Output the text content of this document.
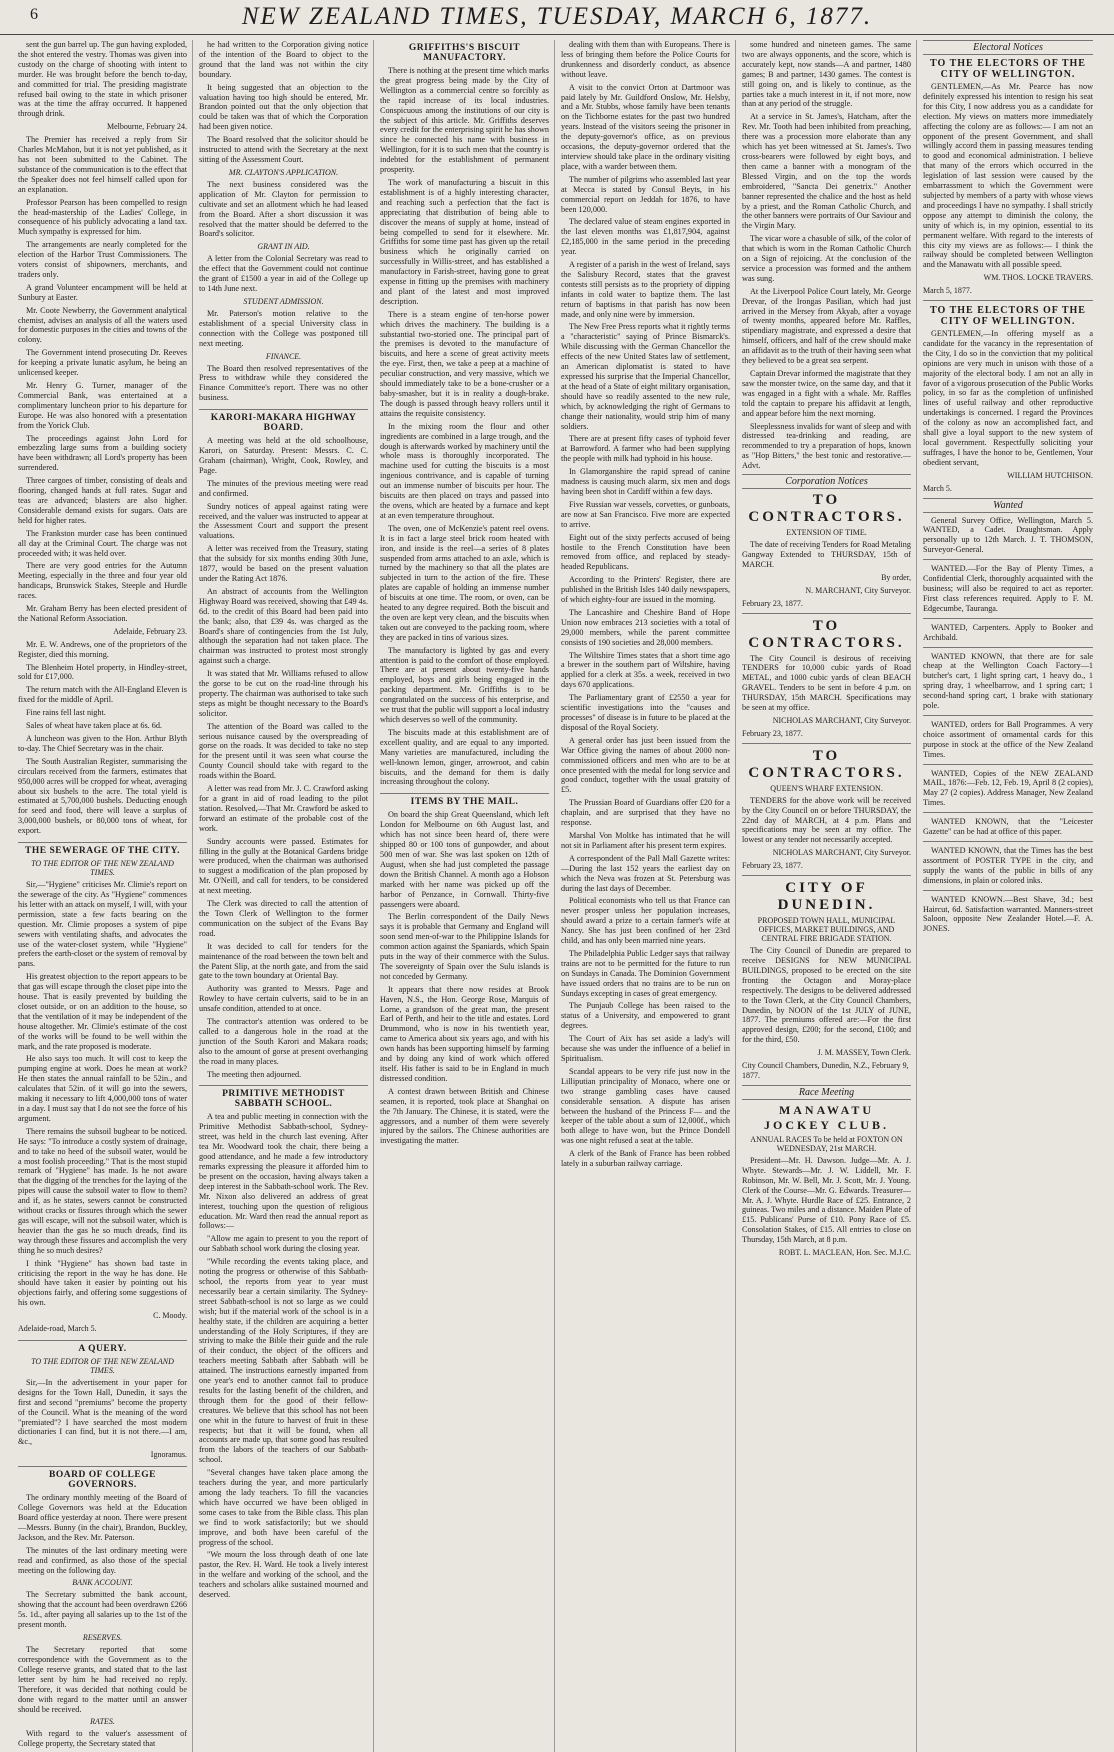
6	NEW ZEALAND TIMES, TUESDAY, MARCH 6, 1877.

sent the gun barrel up. The gun having exploded, the shot entered the vestry. Thomas was given into custody on the charge of shooting with intent to murder. He was brought before the bench to-day, and committed for trial. The presiding magistrate refused bail owing to the state in which prisoner was at the time the affray occurred. It happened through drink.

Melbourne, February 24.

The Premier has received a reply from Sir Charles McMahon, but it is not yet published, as it has not been submitted to the Cabinet. The substance of the communication is to the effect that the Speaker does not feel himself called upon for an explanation.

Professor Pearson has been compelled to resign the head-mastership of the Ladies' College, in consequence of his publicly advocating a land tax. Much sympathy is expressed for him.

The arrangements are nearly completed for the election of the Harbor Trust Commissioners. The voters consist of shipowners, merchants, and traders only.

A grand Volunteer encampment will be held at Sunbury at Easter.

Mr. Coote Newberry, the Government analytical chemist, advises an analysis of all the waters used for domestic purposes in the cities and towns of the colony.

The Government intend prosecuting Dr. Reeves for keeping a private lunatic asylum, he being an unlicensed keeper.

Mr. Henry G. Turner, manager of the Commercial Bank, was entertained at a complimentary luncheon prior to his departure for Europe. He was also honored with a presentation from the Yorick Club.

The proceedings against John Lord for embezzling large sums from a building society have been withdrawn; all Lord's property has been surrendered.

Three cargoes of timber, consisting of deals and flooring, changed hands at full rates. Sugar and teas are advanced; blasters are also higher. Considerable demand exists for sugars. Oats are held for higher rates.

The Frankston murder case has been continued all day at the Criminal Court. The charge was not proceeded with; it was held over.

There are very good entries for the Autumn Meeting, especially in the three and four year old handicaps, Brunswick Stakes, Steeple and Hurdle races.

Mr. Graham Berry has been elected president of the National Reform Association.

Adelaide, February 23.

Mr. E. W. Andrews, one of the proprietors of the Register, died this morning.

The Blenheim Hotel property, in Hindley-street, sold for £17,000.

The return match with the All-England Eleven is fixed for the middle of April.

Fine rains fell last night.

Sales of wheat have taken place at 6s. 6d.

A luncheon was given to the Hon. Arthur Blyth to-day. The Chief Secretary was in the chair.

The South Australian Register, summarising the circulars received from the farmers, estimates that 950,000 acres will be cropped for wheat, averaging about six bushels to the acre. The total yield is estimated at 5,700,000 bushels. Deducting enough for seed and food, there will leave a surplus of 3,000,000 bushels, or 80,000 tons of wheat, for export.

THE SEWERAGE OF THE CITY.
TO THE EDITOR OF THE NEW ZEALAND TIMES.

Sir,—"Hygiene" criticises Mr. Climie's report on the sewerage of the city. As "Hygiene" commences his letter with an attack on myself, I will, with your permission, state a few facts bearing on the question. Mr. Climie proposes a system of pipe sewers with ventilating shafts, and advocates the use of the water-closet system, while "Hygiene" prefers the earth-closet or the system of removal by pans.

His greatest objection to the report appears to be that gas will escape through the closet pipe into the house. That is easily prevented by building the closet outside, or on an addition to the house, so that the ventilation of it may be independent of the house altogether. Mr. Climie's estimate of the cost of the works will be found to be well within the mark, and the rate proposed is moderate.

He also says too much. It will cost to keep the pumping engine at work. Does he mean at work? He then states the annual rainfall to be 52in., and calculates that 52in. of it will go into the sewers, making it necessary to lift 4,000,000 tons of water in a day. I must say that I do not see the force of his argument.

There remains the subsoil bugbear to be noticed. He says: "To introduce a costly system of drainage, and to take no heed of the subsoil water, would be a most foolish proceeding." That is the most stupid remark of "Hygiene" has made. Is he not aware that the digging of the trenches for the laying of the pipes will cause the subsoil water to flow to them? and if, as he states, sewers cannot be constructed without cracks or fissures through which the sewer gas will escape, will not the subsoil water, which is heavier than the gas he so much dreads, find its way through these fissures and accomplish the very thing he so much desires?

I think "Hygiene" has shown bad taste in criticising the report in the way he has done. He should have taken it easier by pointing out his objections fairly, and offering some suggestions of his own.

C. Moody.

Adelaide-road, March 5.

A QUERY.
TO THE EDITOR OF THE NEW ZEALAND TIMES.

Sir,—In the advertisement in your paper for designs for the Town Hall, Dunedin, it says the first and second "premiums" become the property of the Council. What is the meaning of the word "premiated"? I have searched the most modern dictionaries I can find, but it is not there.—I am, &c.,

Ignoramus.

BOARD OF COLLEGE GOVERNORS.

The ordinary monthly meeting of the Board of College Governors was held at the Education Board office yesterday at noon. There were present—Messrs. Bunny (in the chair), Brandon, Buckley, Jackson, and the Rev. Mr. Paterson.

The minutes of the last ordinary meeting were read and confirmed, as also those of the special meeting on the following day.

BANK ACCOUNT.

The Secretary submitted the bank account, showing that the account had been overdrawn £266 5s. 1d., after paying all salaries up to the 1st of the present month.

RESERVES.

The Secretary reported that some correspondence with the Government as to the College reserve grants, and stated that to the last letter sent by him he had received no reply. Therefore, it was decided that nothing could be done with regard to the matter until an answer should be received.

RATES.

With regard to the valuer's assessment of College property, the Secretary stated that

he had written to the Corporation giving notice of the intention of the Board to object to the ground that the land was not within the city boundary.

It being suggested that an objection to the valuation having too high should be entered, Mr. Brandon pointed out that the only objection that could be taken was that of which the Corporation had been given notice.

The Board resolved that the solicitor should be instructed to attend with the Secretary at the next sitting of the Assessment Court.

MR. CLAYTON'S APPLICATION.

The next business considered was the application of Mr. Clayton for permission to cultivate and set an allotment which he had leased from the Board. After a short discussion it was resolved that the matter should be deferred to the Board's solicitor.

GRANT IN AID.

A letter from the Colonial Secretary was read to the effect that the Government could not continue the grant of £1500 a year in aid of the College up to 14th June next.

STUDENT ADMISSION.

Mr. Paterson's motion relative to the establishment of a special University class in connection with the College was postponed till next meeting.

FINANCE.

The Board then resolved representatives of the Press to withdraw while they considered the Finance Committee's report. There was no other business.

KARORI-MAKARA HIGHWAY BOARD.

A meeting was held at the old schoolhouse, Karori, on Saturday. Present: Messrs. C. C. Graham (chairman), Wright, Cook, Rowley, and Page.

The minutes of the previous meeting were read and confirmed.

Sundry notices of appeal against rating were received, and the valuer was instructed to appear at the Assessment Court and support the present valuations.

A letter was received from the Treasury, stating that the subsidy for six months ending 30th June, 1877, would be based on the present valuation under the Rating Act 1876.

An abstract of accounts from the Wellington Highway Board was received, showing that £49 4s. 6d. to the credit of this Board had been paid into the bank; also, that £39 4s. was charged as the Board's share of contingencies from the 1st July, although the separation had not taken place. The chairman was instructed to protest most strongly against such a charge.

It was stated that Mr. Williams refused to allow the gorse to be cut on the road-line through his property. The chairman was authorised to take such steps as might be thought necessary to the Board's solicitor.

The attention of the Board was called to the serious nuisance caused by the overspreading of gorse on the roads. It was decided to take no step for the present until it was seen what course the County Council should take with regard to the roads within the Board.

A letter was read from Mr. J. C. Crawford asking for a grant in aid of road leading to the pilot station. Resolved,—That Mr. Crawford be asked to forward an estimate of the probable cost of the work.

Sundry accounts were passed. Estimates for filling in the gully at the Botanical Gardens bridge were produced, when the chairman was authorised to suggest a modification of the plan proposed by Mr. O'Neill, and call for tenders, to be considered at next meeting.

The Clerk was directed to call the attention of the Town Clerk of Wellington to the former communication on the subject of the Evans Bay road.

It was decided to call for tenders for the maintenance of the road between the town belt and the Patent Slip, at the north gate, and from the said gate to the town boundary at Oriental Bay.

Authority was granted to Messrs. Page and Rowley to have certain culverts, said to be in an unsafe condition, attended to at once.

The contractor's attention was ordered to be called to a dangerous hole in the road at the junction of the South Karori and Makara roads; also to the amount of gorse at present overhanging the road in many places.

The meeting then adjourned.

PRIMITIVE METHODIST SABBATH SCHOOL.

A tea and public meeting in connection with the Primitive Methodist Sabbath-school, Sydney-street, was held in the church last evening. After tea Mr. Woodward took the chair, there being a good attendance, and he made a few introductory remarks expressing the pleasure it afforded him to be present on the occasion, having always taken a deep interest in the Sabbath-school work. The Rev. Mr. Nixon also delivered an address of great interest, touching upon the question of religious education. Mr. Ward then read the annual report as follows:—

"Allow me again to present to you the report of our Sabbath school work during the closing year.

"While recording the events taking place, and noting the progress or otherwise of this Sabbath-school, the reports from year to year must necessarily bear a certain similarity. The Sydney-street Sabbath-school is not so large as we could wish; but if the material work of the school is in a healthy state, if the children are acquiring a better understanding of the Holy Scriptures, if they are striving to make the Bible their guide and the rule of their conduct, the object of the officers and teachers meeting Sabbath after Sabbath will be attained. The instructions earnestly imparted from one year's end to another cannot fail to produce results for the lasting benefit of the children, and through them for the good of their fellow-creatures. We believe that this school has not been one whit in the future to harvest of fruit in these respects; but that it will be found, when all accounts are made up, that some good has resulted from the labors of the teachers of our Sabbath-school.

"Several changes have taken place among the teachers during the year, and more particularly among the lady teachers. To fill the vacancies which have occurred we have been obliged in some cases to take from the Bible class. This plan we find to work satisfactorily; but we should improve, and both have been careful of the progress of the school.

"We mourn the loss through death of one late pastor, the Rev. H. Ward. He took a lively interest in the welfare and working of the school, and the teachers and scholars alike sustained mourned and deserved.

GRIFFITHS'S BISCUIT MANUFACTORY.

There is nothing at the present time which marks the great progress being made by the City of Wellington as a commercial centre so forcibly as the rapid increase of its local industries. Conspicuous among the institutions of our city is the subject of this article. Mr. Griffiths deserves every credit for the enterprising spirit he has shown since he connected his name with business in Wellington, for it is to such men that the country is indebted for the establishment of permanent prosperity.

The work of manufacturing a biscuit in this establishment is of a highly interesting character, and reaching such a perfection that the fact is appreciating that distribution of being able to discover the means of supply at home, instead of being compelled to send for it elsewhere. Mr. Griffiths for some time past has given up the retail business which he originally carried on successfully in Willis-street, and has established a manufactory in Farish-street, having gone to great expense in fitting up the premises with machinery and plant of the latest and most improved description.

There is a steam engine of ten-horse power which drives the machinery. The building is a substantial two-storied one. The principal part of the premises is devoted to the manufacture of biscuits, and here a scene of great activity meets the eye. First, then, we take a peep at a machine of peculiar construction, and very massive, which we should immediately take to be a bone-crusher or a baby-smasher, but it is in reality a dough-brake. The dough is passed through heavy rollers until it attains the requisite consistency.

In the mixing room the flour and other ingredients are combined in a large trough, and the dough is afterwards worked by machinery until the whole mass is thoroughly incorporated. The machine used for cutting the biscuits is a most ingenious contrivance, and is capable of turning out an immense number of biscuits per hour. The biscuits are then placed on trays and passed into the ovens, which are heated by a furnace and kept at an even temperature throughout.

The oven, one of McKenzie's patent reel ovens. It is in fact a large steel brick room heated with iron, and inside is the reel—a series of 8 plates suspended from arms attached to an axle, which is turned by the machinery so that all the plates are subjected in turn to the action of the fire. These plates are capable of holding an immense number of biscuits at one time. The room, or oven, can be heated to any degree required. Both the biscuit and the oven are kept very clean, and the biscuits when taken out are conveyed to the packing room, where they are packed in tins of various sizes.

The manufactory is lighted by gas and every attention is paid to the comfort of those employed. There are at present about twenty-five hands employed, boys and girls being engaged in the packing department. Mr. Griffiths is to be congratulated on the success of his enterprise, and we trust that the public will support a local industry which deserves so well of the community.

The biscuits made at this establishment are of excellent quality, and are equal to any imported. Many varieties are manufactured, including the well-known lemon, ginger, arrowroot, and cabin biscuits, and the demand for them is daily increasing throughout the colony.

ITEMS BY THE MAIL.

On board the ship Great Queensland, which left London for Melbourne on 6th August last, and which has not since been heard of, there were shipped 80 or 100 tons of gunpowder, and about 500 men of war. She was last spoken on 12th of August, when she had just completed the passage down the British Channel. A month ago a Hobson marked with her name was picked up off the harbor of Penzance, in Cornwall. Thirty-five passengers were aboard.

The Berlin correspondent of the Daily News says it is probable that Germany and England will soon send men-of-war to the Philippine Islands for common action against the Spaniards, which Spain puts in the way of their commerce with the Sulus. The sovereignty of Spain over the Sulu islands is not conceded by Germany.

It appears that there now resides at Brook Haven, N.S., the Hon. George Rose, Marquis of Lorne, a grandson of the great man, the present Earl of Perth, and heir to the title and estates. Lord Drummond, who is now in his twentieth year, came to America about six years ago, and with his own hands has been supporting himself by farming and by doing any kind of work which offered itself. His father is said to be in England in much distressed condition.

A contest drawn between British and Chinese seamen, it is reported, took place at Shanghai on the 7th January. The Chinese, it is stated, were the aggressors, and a number of them were severely injured by the sailors. The Chinese authorities are investigating the matter.

dealing with them than with Europeans. There is less of bringing them before the Police Courts for drunkenness and disorderly conduct, as absence without leave.

A visit to the convict Orton at Dartmoor was paid lately by Mr. Guildford Onslow, Mr. Helsby, and a Mr. Stubbs, whose family have been tenants on the Tichborne estates for the past two hundred years. Instead of the visitors seeing the prisoner in the deputy-governor's office, as on previous occasions, the deputy-governor ordered that the interview should take place in the ordinary visiting place, with a warder between them.

The number of pilgrims who assembled last year at Mecca is stated by Consul Beyts, in his commercial report on Jeddah for 1876, to have been 120,000.

The declared value of steam engines exported in the last eleven months was £1,817,904, against £2,185,000 in the same period in the preceding year.

A register of a parish in the west of Ireland, says the Salisbury Record, states that the gravest contests still persists as to the propriety of dipping infants in cold water to baptize them. The last return of baptisms in that parish has now been made, and only nine were by immersion.

The New Free Press reports what it rightly terms a "characteristic" saying of Prince Bismarck's. While discussing with the German Chancellor the effects of the new United States law of settlement, an American diplomatist is stated to have expressed his surprise that the Imperial Chancellor, at the head of a State of eight military organisation, should have so readily assented to the new rule, which, by acknowledging the right of Germans to change their nationality, would strip him of many soldiers.

There are at present fifty cases of typhoid fever at Barrowford. A farmer who had been supplying the people with milk had typhoid in his house.

In Glamorganshire the rapid spread of canine madness is causing much alarm, six men and dogs having been shot in Cardiff within a few days.

Five Russian war vessels, corvettes, or gunboats, are now at San Francisco. Five more are expected to arrive.

Eight out of the sixty perfects accused of being hostile to the French Constitution have been removed from office, and replaced by steady-headed Republicans.

According to the Printers' Register, there are published in the British Isles 140 daily newspapers, of which eighty-four are issued in the morning.

The Lancashire and Cheshire Band of Hope Union now embraces 213 societies with a total of 29,000 members, while the parent committee consists of 190 societies and 28,000 members.

The Wiltshire Times states that a short time ago a brewer in the southern part of Wiltshire, having applied for a clerk at 35s. a week, received in two days 670 applications.

The Parliamentary grant of £2550 a year for scientific investigations into the "causes and processes" of disease is in future to be placed at the disposal of the Royal Society.

A general order has just been issued from the War Office giving the names of about 2000 non-commissioned officers and men who are to be at once presented with the medal for long service and good conduct, together with the usual gratuity of £5.

The Prussian Board of Guardians offer £20 for a chaplain, and are surprised that they have no response.

Marshal Von Moltke has intimated that he will not sit in Parliament after his present term expires.

A correspondent of the Pall Mall Gazette writes:—During the last 152 years the earliest day on which the Neva was frozen at St. Petersburg was during the last days of December.

Political economists who tell us that France can never prosper unless her population increases, should award a prize to a certain farmer's wife at Nancy. She has just been confined of her 23rd child, and has only been married nine years.

The Philadelphia Public Ledger says that railway trains are not to be permitted for the future to run on Sundays in Canada. The Dominion Government have issued orders that no trains are to be run on Sundays excepting in cases of great emergency.

The Punjaub College has been raised to the status of a University, and empowered to grant degrees.

The Court of Aix has set aside a lady's will because she was under the influence of a belief in Spiritualism.

Scandal appears to be very rife just now in the Lilliputian principality of Monaco, where one or two strange gambling cases have caused considerable sensation. A dispute has arisen between the husband of the Princess F— and the keeper of the table about a sum of 12,000f., which both allege to have won, but the Prince Dondell was one night refused a seat at the table.

A clerk of the Bank of France has been robbed lately in a suburban railway carriage.

some hundred and nineteen games. The same two are always opponents, and the score, which is accurately kept, now stands—A and partner, 1480 games; B and partner, 1430 games. The contest is still going on, and is likely to continue, as the parties take a much interest in it, if not more, now than at any period of the struggle.

At a service in St. James's, Hatcham, after the Rev. Mr. Tooth had been inhibited from preaching, there was a procession more elaborate than any which has yet been witnessed at St. James's. Two cross-bearers were followed by eight boys, and then came a banner with a monogram of the Blessed Virgin, and on the top the words embroidered, "Sancta Dei genetrix." Another banner represented the chalice and the host as held by a priest, and the Roman Catholic Church, and the other banners were portraits of Our Saviour and the Virgin Mary.

The vicar wore a chasuble of silk, of the color of that which is worn in the Roman Catholic Church on a Sign of rejoicing. At the conclusion of the service a procession was formed and the anthem was sung.

At the Liverpool Police Court lately, Mr. George Drevar, of the Irongas Pasilian, which had just arrived in the Mersey from Akyab, after a voyage of twenty months, appeared before Mr. Raffles, stipendiary magistrate, and expressed a desire that himself, officers, and half of the crew should make an affidavit as to the truth of their having seen what they believed to be a great sea serpent.

Captain Drevar informed the magistrate that they saw the monster twice, on the same day, and that it was engaged in a fight with a whale. Mr. Raffles told the captain to prepare his affidavit at length, and appear before him the next morning.

Sleeplessness invalids for want of sleep and with distressed tea-drinking and reading, are recommended to try a preparation of hops, known as "Hop Bitters," the best tonic and restorative.—Advt.

Corporation Notices
TO CONTRACTORS.
EXTENSION OF TIME.

The date of receiving Tenders for Road Metaling Gangway Extended to THURSDAY, 15th of MARCH.

By order,

N. MARCHANT, City Surveyor.

February 23, 1877.

TO CONTRACTORS.

The City Council is desirous of receiving TENDERS for 10,000 cubic yards of Road METAL, and 1000 cubic yards of clean BEACH GRAVEL. Tenders to be sent in before 4 p.m. on THURSDAY, 15th MARCH. Specifications may be seen at my office.

NICHOLAS MARCHANT, City Surveyor.

February 23, 1877.

TO CONTRACTORS.
QUEEN'S WHARF EXTENSION.

TENDERS for the above work will be received by the City Council on or before THURSDAY, the 22nd day of MARCH, at 4 p.m. Plans and specifications may be seen at my office. The lowest or any tender not necessarily accepted.

NICHOLAS MARCHANT, City Surveyor.

February 23, 1877.

CITY OF DUNEDIN.
PROPOSED TOWN HALL, MUNICIPAL OFFICES, MARKET BUILDINGS, AND CENTRAL FIRE BRIGADE STATION.

The City Council of Dunedin are prepared to receive DESIGNS for NEW MUNICIPAL BUILDINGS, proposed to be erected on the site fronting the Octagon and Moray-place respectively. The designs to be delivered addressed to the Town Clerk, at the City Council Chambers, Dunedin, by NOON of the 1st JULY of JUNE, 1877. The premiums offered are:—For the first approved design, £200; for the second, £100; and for the third, £50.

J. M. MASSEY, Town Clerk.

City Council Chambers, Dunedin, N.Z., February 9, 1877.

Race Meeting
MANAWATU JOCKEY CLUB.
ANNUAL RACES To be held at FOXTON ON WEDNESDAY, 21st MARCH.

President—Mr. H. Dawson. Judge—Mr. A. J. Whyte. Stewards—Mr. J. W. Liddell, Mr. F. Robinson, Mr. W. Bell, Mr. J. Scott, Mr. J. Young. Clerk of the Course—Mr. G. Edwards. Treasurer—Mr. A. J. Whyte. Hurdle Race of £25. Entrance, 2 guineas. Two miles and a distance. Maiden Plate of £15. Publicans' Purse of £10. Pony Race of £5. Consolation Stakes, of £15. All entries to close on Thursday, 15th March, at 8 p.m.

ROBT. L. MACLEAN, Hon. Sec. M.J.C.

Electoral Notices
TO THE ELECTORS OF THE CITY OF WELLINGTON.

GENTLEMEN,—As Mr. Pearce has now definitely expressed his intention to resign his seat for this City, I now address you as a candidate for election. My views on matters more immediately affecting the colony are as follows:— I am not an opponent of the present Government, and shall willingly accord them in passing measures tending to good and economical administration. I believe that many of the errors which occurred in the legislation of last session were caused by the embarrassment to which the Government were subjected by members of a party with whose views and proceedings I have no sympathy. I shall strictly oppose any attempt to diminish the colony, the unity of which is, in my opinion, essential to its permanent welfare. With regard to the interests of this city my views are as follows:— I think the railway should be completed between Wellington and the Manawatu with all possible speed.

WM. THOS. LOCKE TRAVERS.

March 5, 1877.

TO THE ELECTORS OF THE CITY OF WELLINGTON.

GENTLEMEN,—In offering myself as a candidate for the vacancy in the representation of the City, I do so in the conviction that my political opinions are very much in unison with those of a majority of the electoral body. I am not an ally in favor of a vigorous prosecution of the Public Works policy, in so far as the completion of unfinished lines of useful railway and other reproductive undertakings is concerned. I regard the Provinces of the colony as now an accomplished fact, and shall give a loyal support to the new system of local government. Respectfully soliciting your suffrages, I have the honor to be, Gentlemen, Your obedient servant,

WILLIAM HUTCHISON.

March 5.

Wanted

General Survey Office, Wellington, March 5. WANTED, a Cadet. Draughtsman. Apply personally up to 12th March. J. T. THOMSON, Surveyor-General.

WANTED.—For the Bay of Plenty Times, a Confidential Clerk, thoroughly acquainted with the business; will also be required to act as reporter. First class references required. Apply to F. M. Edgecumbe, Tauranga.

WANTED, Carpenters. Apply to Booker and Archibald.

WANTED KNOWN, that there are for sale cheap at the Wellington Coach Factory—1 butcher's cart, 1 light spring cart, 1 heavy do., 1 spring dray, 1 wheelbarrow, and 1 spring cart; 1 second-hand spring cart, 1 brake with stationary pole.

WANTED, orders for Ball Programmes. A very choice assortment of ornamental cards for this purpose in stock at the office of the New Zealand Times.

WANTED, Copies of the NEW ZEALAND MAIL, 1876:—Feb. 12, Feb. 19, April 8 (2 copies), May 27 (2 copies). Address Manager, New Zealand Times.

WANTED KNOWN, that the "Leicester Gazette" can be had at office of this paper.

WANTED KNOWN, that the Times has the best assortment of POSTER TYPE in the city, and supply the wants of the public in bills of any dimensions, in plain or colored inks.

WANTED KNOWN.—Best Shave, 3d.; best Haircut, 6d. Satisfaction warranted. Manners-street Saloon, opposite New Zealander Hotel.—F. A. JONES.
